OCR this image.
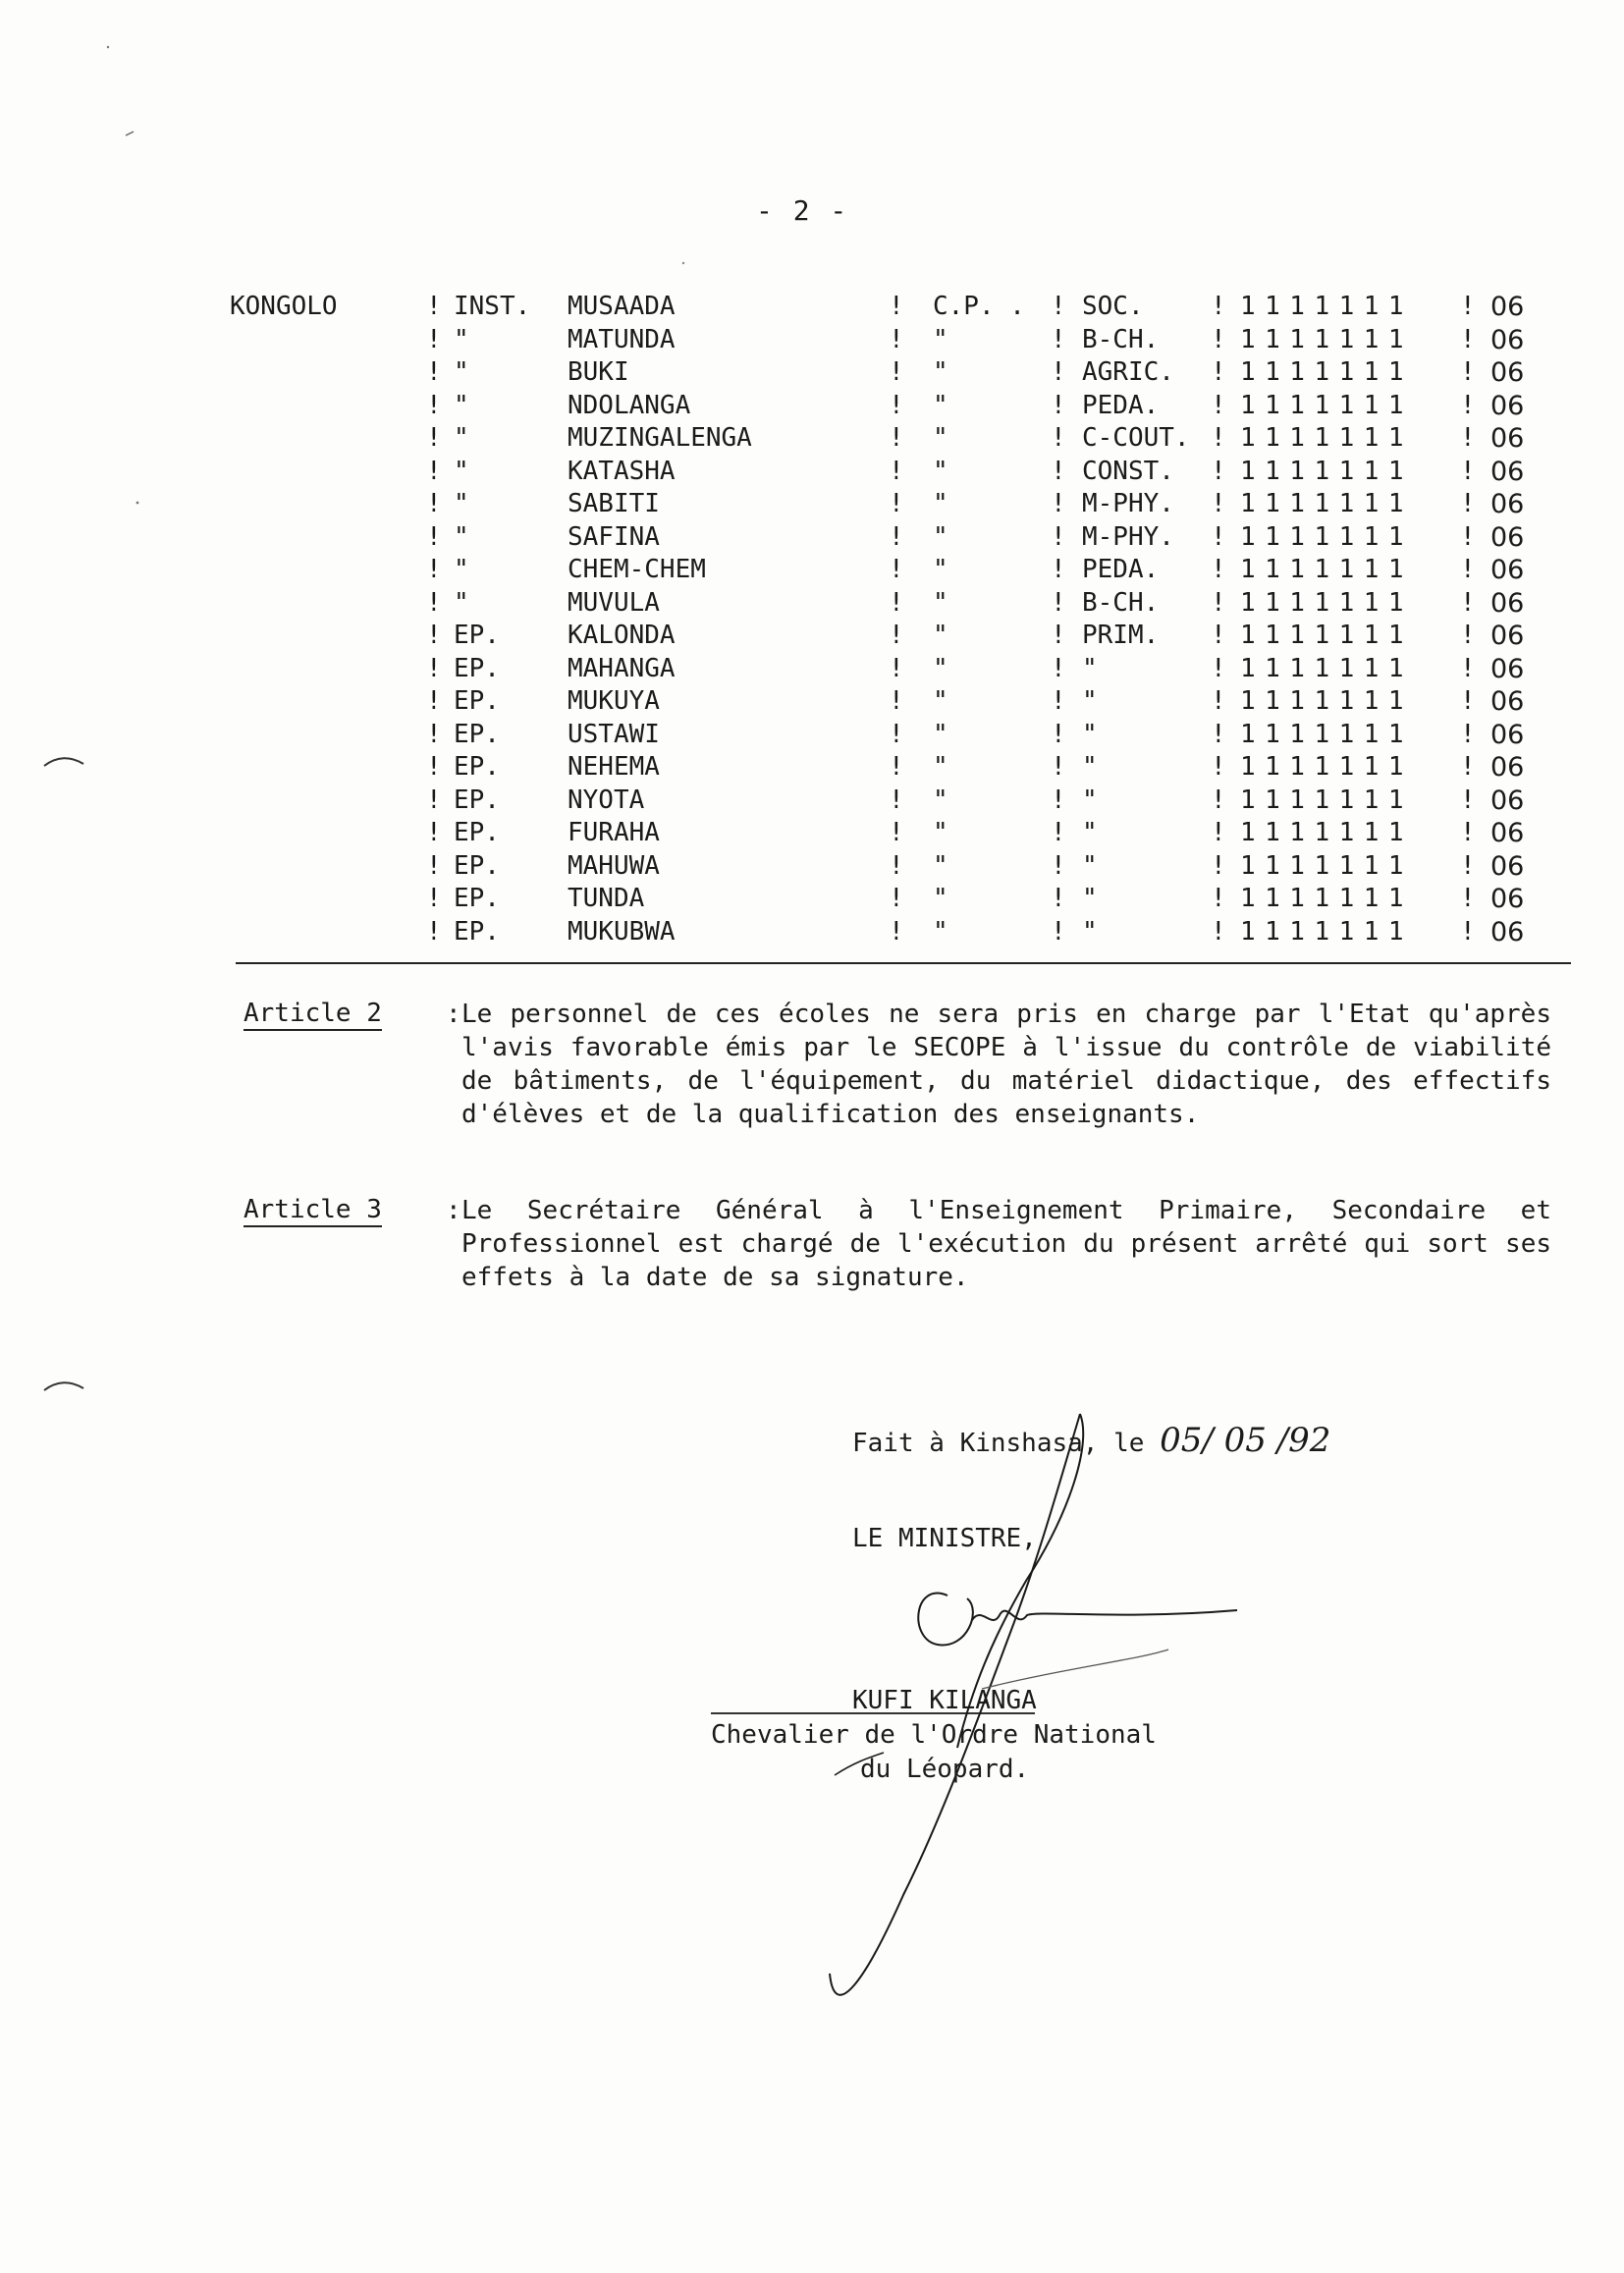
- 2 -
KONGOLO	! INST. MUSAADA	! C.P. . ! SOC.	! 1111111 ! 06
! "	MATUNDA	! "	! B-CH. ! 1111111 ! 06
! "	BUKI	! "	! AGRIC. ! 1111111 ! 06
! "	NDOLANGA	! "	! PEDA. ! 1111111 ! 06
! "	MUZINGALENGA	! "	! C-COUT. ! 1111111 ! 06
! "	KATASHA	! "	! CONST. ! 1111111 ! 06
! "	SABITI	! "	! M-PHY. ! 1111111 ! 06
! "	SAFINA	! "	! M-PHY. ! 1111111 ! 06
! "	CHEM-CHEM	! "	! PEDA. ! 1111111 ! 06
! "	MUVULA	! "	! B-CH. ! 1111111 ! 06
! EP.	KALONDA	! "	! PRIM. ! 1111111 ! 06
! EP.	MAHANGA	! "	! "	! 1111111 ! 06
! EP.	MUKUYA	! "	! "	! 1111111 ! 06
! EP.	USTAWI	! "	! "	! 1111111 ! 06
! EP.	NEHEMA	! "	! "	! 1111111 ! 06
! EP.	NYOTA	! "	! "	! 1111111 ! 06
! EP.	FURAHA	! "	! "	! 1111111 ! 06
! EP.	MAHUWA	! "	! "	! 1111111 ! 06
! EP.	TUNDA	! "	! "	! 1111111 ! 06
! EP.	MUKUBWA	! "	! "	! 1111111 ! 06
Article 2	: Le personnel de ces écoles ne sera pris en charge par l'Etat qu'après l'avis favorable émis par le SECOPE à l'issue du contrôle de viabilité de bâtiments, de l'équipement, du matériel didactique, des effectifs d'élèves et de la qualification des enseignants.
Article 3	: Le Secrétaire Général à l'Enseignement Primaire, Secondaire et Professionnel est chargé de l'exécution du présent arrêté qui sort ses effets à la date de sa signature.
Fait à Kinshasa, le 05/ 05 /92
LE MINISTRE,
KUFI KILANGA
Chevalier de l'Ordre National
du Léopard.
